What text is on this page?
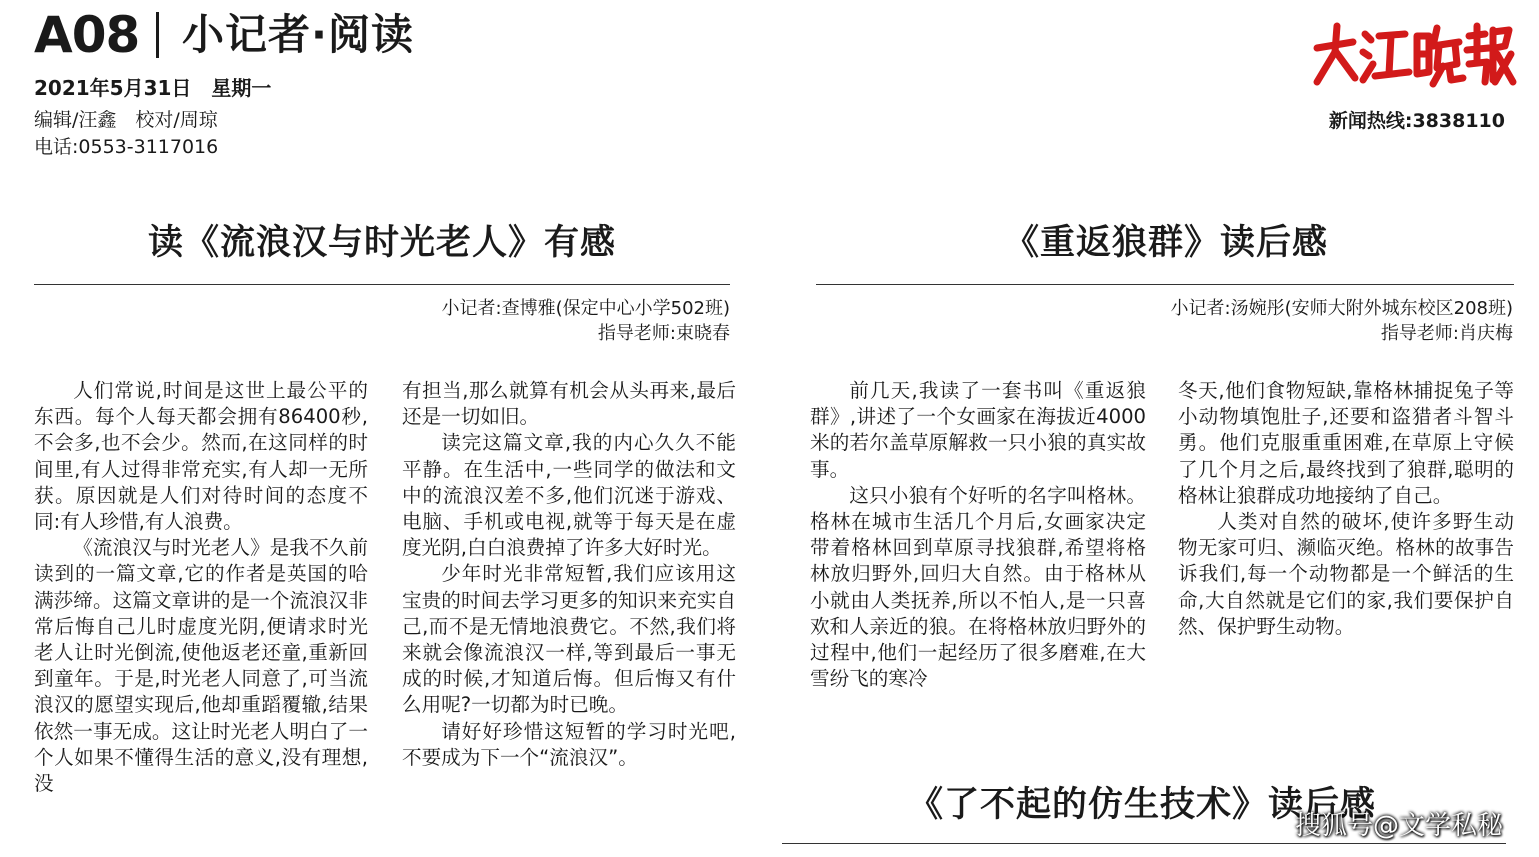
A08 小记者·阅读
2021年5月31日　星期一
编辑/汪鑫　校对/周琼
电话:0553-3117016
新闻热线:3838110
读《流浪汉与时光老人》有感
小记者:查博雅(保定中心小学502班)
指导老师:束晓春

人们常说,时间是这世上最公平的东西。每个人每天都会拥有86400秒,不会多,也不会少。然而,在这同样的时间里,有人过得非常充实,有人却一无所获。原因就是人们对待时间的态度不同:有人珍惜,有人浪费。

《流浪汉与时光老人》是我不久前读到的一篇文章,它的作者是英国的哈满莎缔。这篇文章讲的是一个流浪汉非常后悔自己儿时虚度光阴,便请求时光老人让时光倒流,使他返老还童,重新回到童年。于是,时光老人同意了,可当流浪汉的愿望实现后,他却重蹈覆辙,结果依然一事无成。这让时光老人明白了一个人如果不懂得生活的意义,没有理想,没

有担当,那么就算有机会从头再来,最后还是一切如旧。

读完这篇文章,我的内心久久不能平静。在生活中,一些同学的做法和文中的流浪汉差不多,他们沉迷于游戏、电脑、手机或电视,就等于每天是在虚度光阴,白白浪费掉了许多大好时光。

少年时光非常短暂,我们应该用这宝贵的时间去学习更多的知识来充实自己,而不是无情地浪费它。不然,我们将来就会像流浪汉一样,等到最后一事无成的时候,才知道后悔。但后悔又有什么用呢?一切都为时已晚。

请好好珍惜这短暂的学习时光吧,不要成为下一个“流浪汉”。

《重返狼群》读后感
小记者:汤婉彤(安师大附外城东校区208班)
指导老师:肖庆梅

前几天,我读了一套书叫《重返狼群》,讲述了一个女画家在海拔近4000米的若尔盖草原解救一只小狼的真实故事。

这只小狼有个好听的名字叫格林。格林在城市生活几个月后,女画家决定带着格林回到草原寻找狼群,希望将格林放归野外,回归大自然。由于格林从小就由人类抚养,所以不怕人,是一只喜欢和人亲近的狼。在将格林放归野外的过程中,他们一起经历了很多磨难,在大雪纷飞的寒冷

冬天,他们食物短缺,靠格林捕捉兔子等小动物填饱肚子,还要和盗猎者斗智斗勇。他们克服重重困难,在草原上守候了几个月之后,最终找到了狼群,聪明的格林让狼群成功地接纳了自己。

人类对自然的破坏,使许多野生动物无家可归、濒临灭绝。格林的故事告诉我们,每一个动物都是一个鲜活的生命,大自然就是它们的家,我们要保护自然、保护野生动物。

《了不起的仿生技术》读后感
搜狐号@文学私秘
